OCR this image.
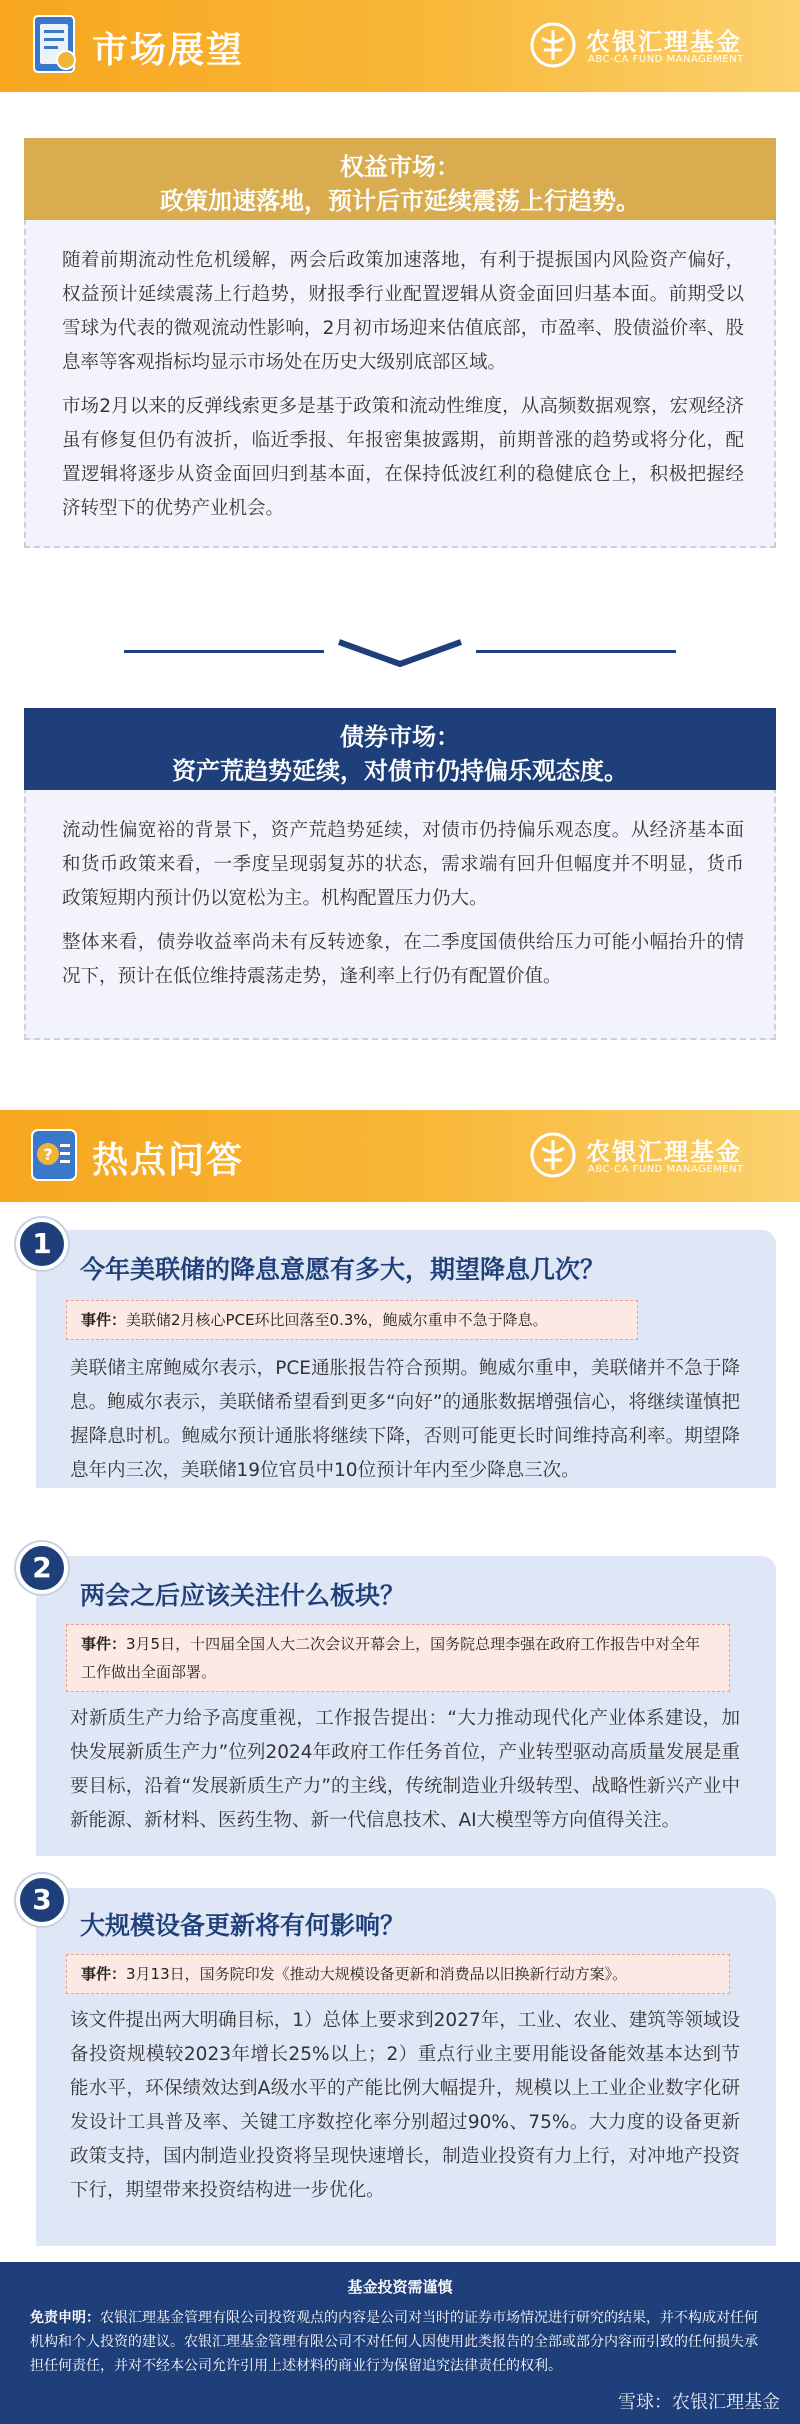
市场展望	农银汇理基金
ABC-CA FUND MANAGEMENT
权益市场：
政策加速落地，预计后市延续震荡上行趋势。

随着前期流动性危机缓解，两会后政策加速落地，有利于提振国内风险资产偏好，权益预计延续震荡上行趋势，财报季行业配置逻辑从资金面回归基本面。前期受以雪球为代表的微观流动性影响，2月初市场迎来估值底部，市盈率、股债溢价率、股息率等客观指标均显示市场处在历史大级别底部区域。

市场2月以来的反弹线索更多是基于政策和流动性维度，从高频数据观察，宏观经济虽有修复但仍有波折，临近季报、年报密集披露期，前期普涨的趋势或将分化，配置逻辑将逐步从资金面回归到基本面，在保持低波红利的稳健底仓上，积极把握经济转型下的优势产业机会。

债券市场：
资产荒趋势延续，对债市仍持偏乐观态度。

流动性偏宽裕的背景下，资产荒趋势延续，对债市仍持偏乐观态度。从经济基本面和货币政策来看，一季度呈现弱复苏的状态，需求端有回升但幅度并不明显，货币政策短期内预计仍以宽松为主。机构配置压力仍大。

整体来看，债券收益率尚未有反转迹象，在二季度国债供给压力可能小幅抬升的情况下，预计在低位维持震荡走势，逢利率上行仍有配置价值。

? 热点问答	农银汇理基金
ABC-CA FUND MANAGEMENT
1
今年美联储的降息意愿有多大，期望降息几次？
事件：美联储2月核心PCE环比回落至0.3%，鲍威尔重申不急于降息。
美联储主席鲍威尔表示，PCE通胀报告符合预期。鲍威尔重申，美联储并不急于降息。鲍威尔表示，美联储希望看到更多“向好”的通胀数据增强信心，将继续谨慎把握降息时机。鲍威尔预计通胀将继续下降，否则可能更长时间维持高利率。期望降息年内三次，美联储19位官员中10位预计年内至少降息三次。
2
两会之后应该关注什么板块？
事件：3月5日，十四届全国人大二次会议开幕会上，国务院总理李强在政府工作报告中对全年工作做出全面部署。
对新质生产力给予高度重视，工作报告提出：“大力推动现代化产业体系建设，加快发展新质生产力”位列2024年政府工作任务首位，产业转型驱动高质量发展是重要目标，沿着“发展新质生产力”的主线，传统制造业升级转型、战略性新兴产业中新能源、新材料、医药生物、新一代信息技术、AI大模型等方向值得关注。
3
大规模设备更新将有何影响？
事件：3月13日，国务院印发《推动大规模设备更新和消费品以旧换新行动方案》。
该文件提出两大明确目标，1）总体上要求到2027年，工业、农业、建筑等领域设备投资规模较2023年增长25%以上；2）重点行业主要用能设备能效基本达到节能水平，环保绩效达到A级水平的产能比例大幅提升，规模以上工业企业数字化研发设计工具普及率、关键工序数控化率分别超过90%、75%。大力度的设备更新政策支持，国内制造业投资将呈现快速增长，制造业投资有力上行，对冲地产投资下行，期望带来投资结构进一步优化。
基金投资需谨慎
免责申明：农银汇理基金管理有限公司投资观点的内容是公司对当时的证券市场情况进行研究的结果，并不构成对任何机构和个人投资的建议。农银汇理基金管理有限公司不对任何人因使用此类报告的全部或部分内容而引致的任何损失承担任何责任，并对不经本公司允许引用上述材料的商业行为保留追究法律责任的权利。
雪球：农银汇理基金
